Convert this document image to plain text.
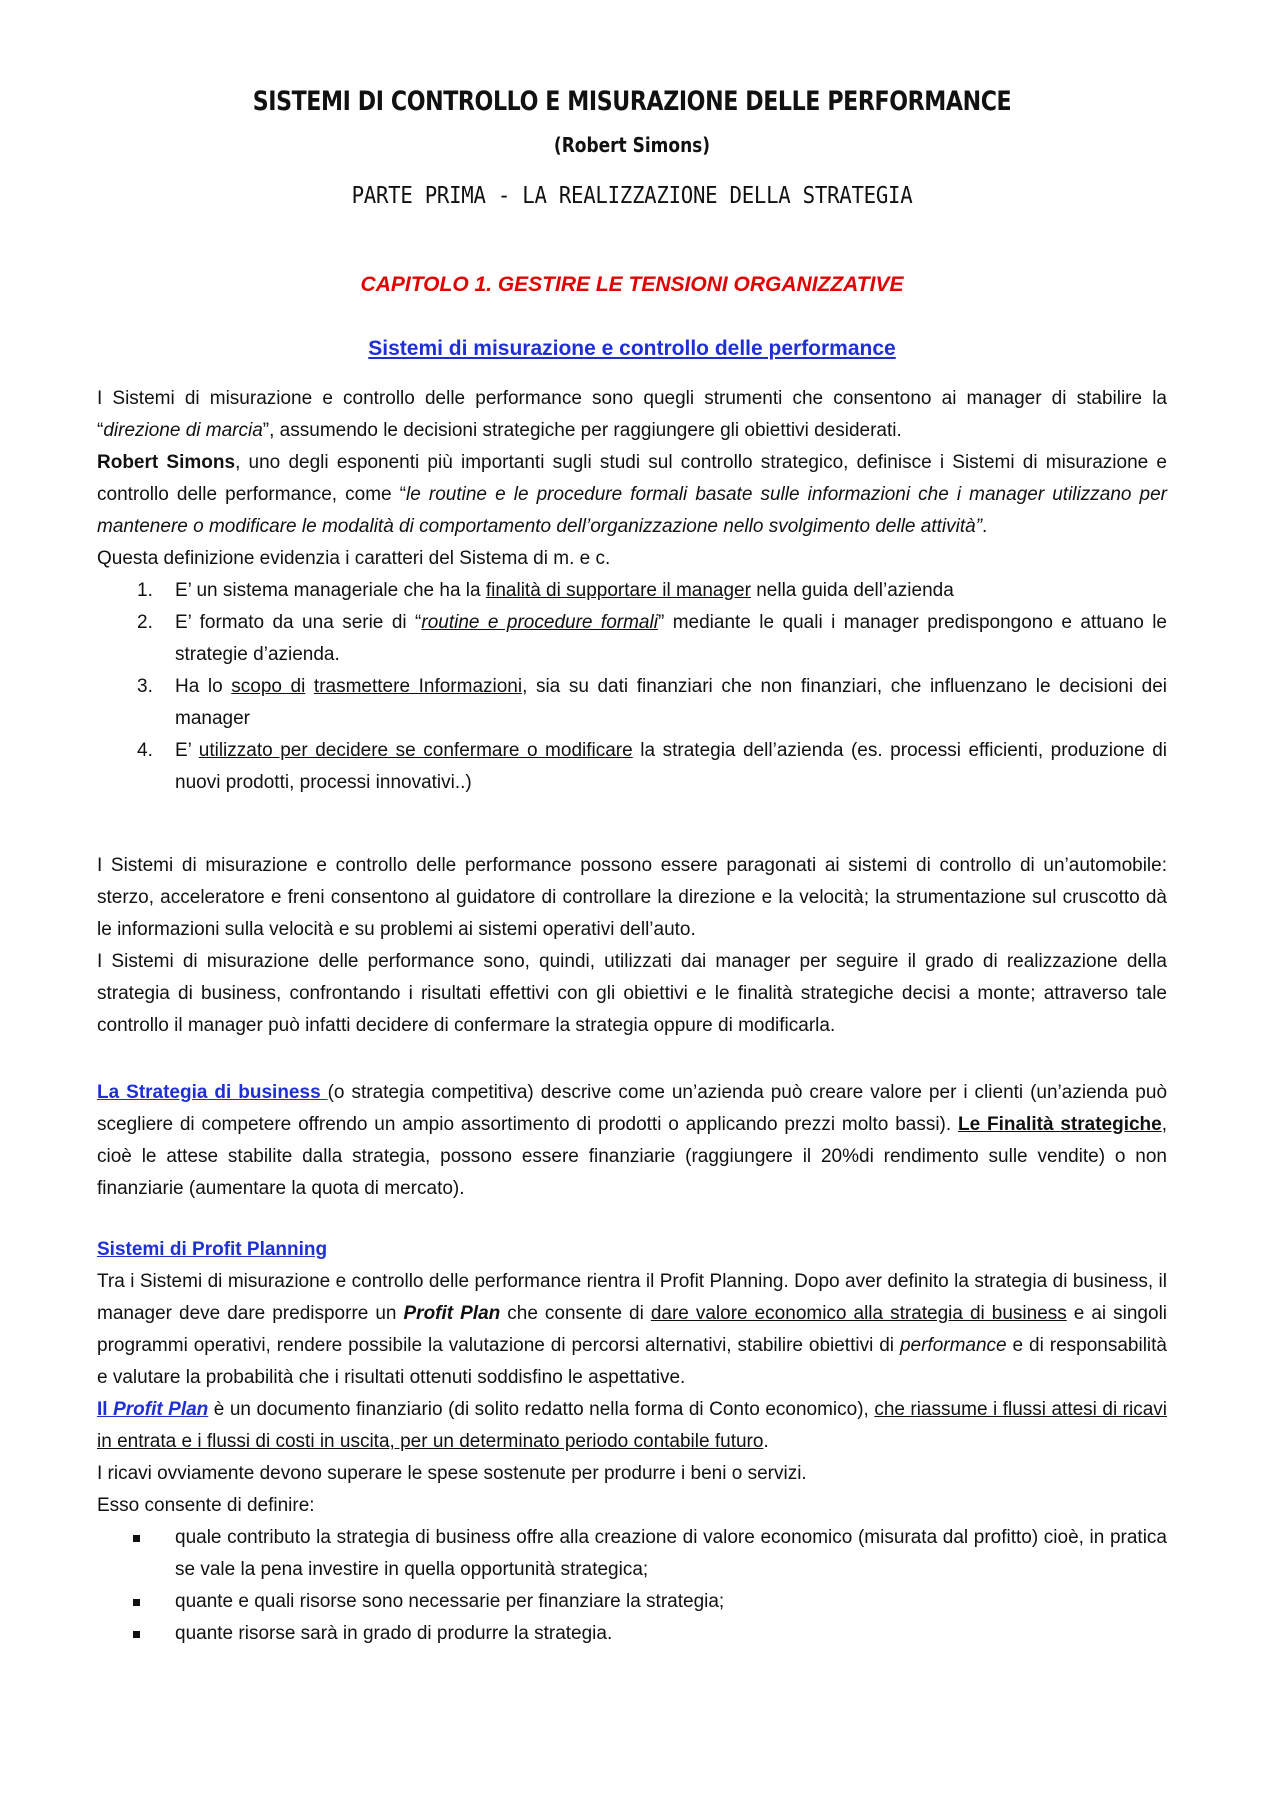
SISTEMI DI CONTROLLO E MISURAZIONE DELLE PERFORMANCE
(Robert Simons)
PARTE PRIMA - LA REALIZZAZIONE DELLA STRATEGIA
CAPITOLO 1. GESTIRE LE TENSIONI ORGANIZZATIVE
Sistemi di misurazione e controllo delle performance

I Sistemi di misurazione e controllo delle performance sono quegli strumenti che consentono ai manager di stabilire la “direzione di marcia”, assumendo le decisioni strategiche per raggiungere gli obiettivi desiderati.

Robert Simons, uno degli esponenti più importanti sugli studi sul controllo strategico, definisce i Sistemi di misurazione e controllo delle performance, come “le routine e le procedure formali basate sulle informazioni che i manager utilizzano per mantenere o modificare le modalità di comportamento dell’organizzazione nello svolgimento delle attività”.

Questa definizione evidenzia i caratteri del Sistema di m. e c.

1. E’ un sistema manageriale che ha la finalità di supportare il manager nella guida dell’azienda
2. E’ formato da una serie di “routine e procedure formali” mediante le quali i manager predispongono e attuano le strategie d’azienda.
3. Ha lo scopo di trasmettere Informazioni, sia su dati finanziari che non finanziari, che influenzano le decisioni dei manager
4. E’ utilizzato per decidere se confermare o modificare la strategia dell’azienda (es. processi efficienti, produzione di nuovi prodotti, processi innovativi..)

I Sistemi di misurazione e controllo delle performance possono essere paragonati ai sistemi di controllo di un’automobile: sterzo, acceleratore e freni consentono al guidatore di controllare la direzione e la velocità; la strumentazione sul cruscotto dà le informazioni sulla velocità e su problemi ai sistemi operativi dell’auto.

I Sistemi di misurazione delle performance sono, quindi, utilizzati dai manager per seguire il grado di realizzazione della strategia di business, confrontando i risultati effettivi con gli obiettivi e le finalità strategiche decisi a monte; attraverso tale controllo il manager può infatti decidere di confermare la strategia oppure di modificarla.

La Strategia di business (o strategia competitiva) descrive come un’azienda può creare valore per i clienti (un’azienda può scegliere di competere offrendo un ampio assortimento di prodotti o applicando prezzi molto bassi). Le Finalità strategiche, cioè le attese stabilite dalla strategia, possono essere finanziarie (raggiungere il 20%di rendimento sulle vendite) o non finanziarie (aumentare la quota di mercato).

Sistemi di Profit Planning

Tra i Sistemi di misurazione e controllo delle performance rientra il Profit Planning. Dopo aver definito la strategia di business, il manager deve dare predisporre un Profit Plan che consente di dare valore economico alla strategia di business e ai singoli programmi operativi, rendere possibile la valutazione di percorsi alternativi, stabilire obiettivi di performance e di responsabilità e valutare la probabilità che i risultati ottenuti soddisfino le aspettative.

Il Profit Plan è un documento finanziario (di solito redatto nella forma di Conto economico), che riassume i flussi attesi di ricavi in entrata e i flussi di costi in uscita, per un determinato periodo contabile futuro.

I ricavi ovviamente devono superare le spese sostenute per produrre i beni o servizi.

Esso consente di definire:

quale contributo la strategia di business offre alla creazione di valore economico (misurata dal profitto) cioè, in pratica se vale la pena investire in quella opportunità strategica;
quante e quali risorse sono necessarie per finanziare la strategia;
quante risorse sarà in grado di produrre la strategia.
